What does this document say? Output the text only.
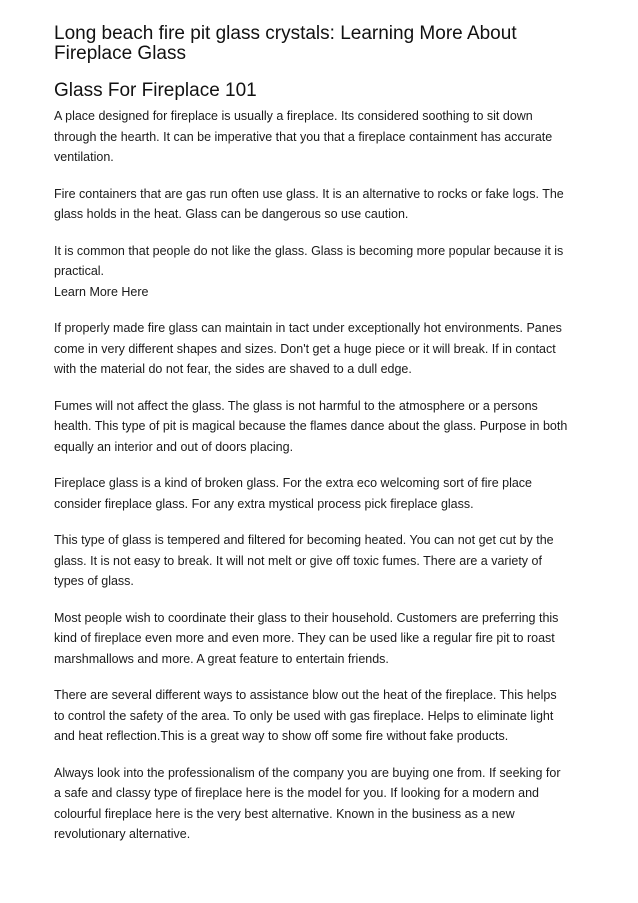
Long beach fire pit glass crystals: Learning More About
Fireplace Glass
Glass For Fireplace 101

A place designed for fireplace is usually a fireplace. Its considered soothing to sit down
through the hearth. It can be imperative that you that a fireplace containment has accurate
ventilation.

Fire containers that are gas run often use glass. It is an alternative to rocks or fake logs. The
glass holds in the heat. Glass can be dangerous so use caution.

It is common that people do not like the glass. Glass is becoming more popular because it is
practical.
Learn More Here

If properly made fire glass can maintain in tact under exceptionally hot environments. Panes
come in very different shapes and sizes. Don't get a huge piece or it will break. If in contact
with the material do not fear, the sides are shaved to a dull edge.

Fumes will not affect the glass. The glass is not harmful to the atmosphere or a persons
health. This type of pit is magical because the flames dance about the glass. Purpose in both
equally an interior and out of doors placing.

Fireplace glass is a kind of broken glass. For the extra eco welcoming sort of fire place
consider fireplace glass. For any extra mystical process pick fireplace glass.

This type of glass is tempered and filtered for becoming heated. You can not get cut by the
glass. It is not easy to break. It will not melt or give off toxic fumes. There are a variety of
types of glass.

Most people wish to coordinate their glass to their household. Customers are preferring this
kind of fireplace even more and even more. They can be used like a regular fire pit to roast
marshmallows and more. A great feature to entertain friends.

There are several different ways to assistance blow out the heat of the fireplace. This helps
to control the safety of the area. To only be used with gas fireplace. Helps to eliminate light
and heat reflection.This is a great way to show off some fire without fake products.

Always look into the professionalism of the company you are buying one from. If seeking for
a safe and classy type of fireplace here is the model for you. If looking for a modern and
colourful fireplace here is the very best alternative. Known in the business as a new
revolutionary alternative.
